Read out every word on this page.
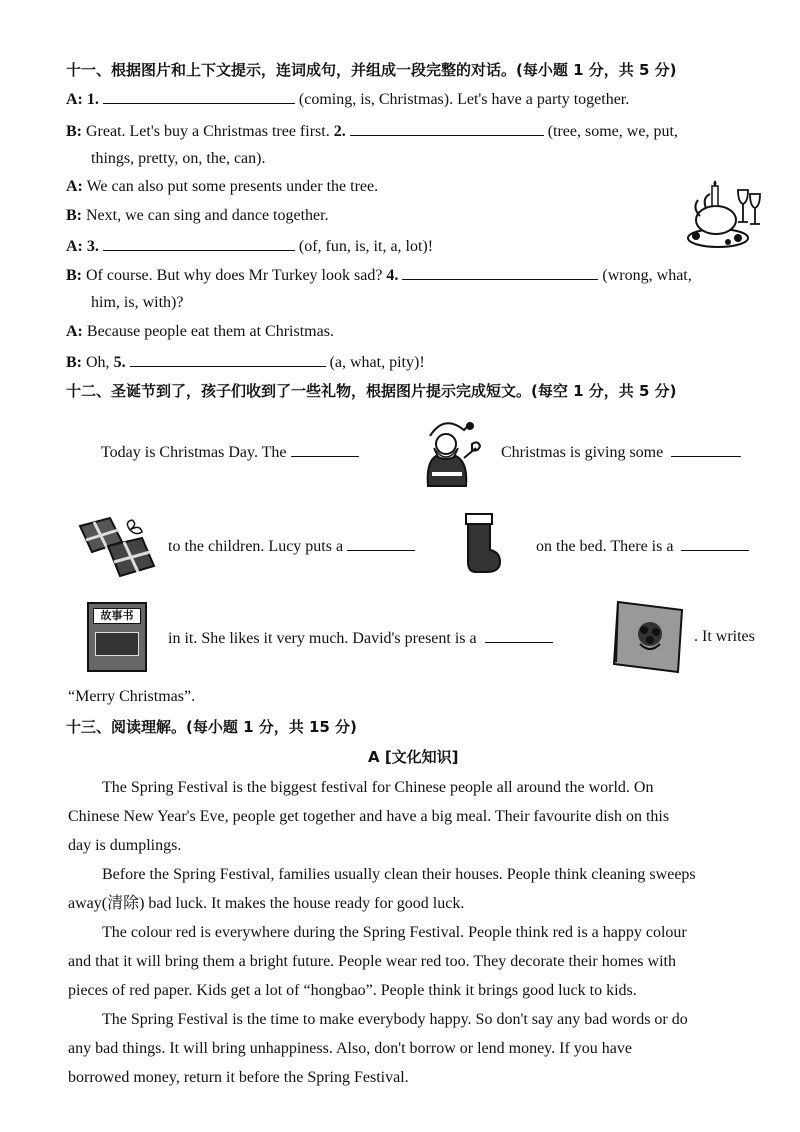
十一、根据图片和上下文提示，连词成句，并组成一段完整的对话。(每小题 1 分，共 5 分)
A: 1.	(coming, is, Christmas). Let's have a party together.
B: Great. Let's buy a Christmas tree first. 2.	(tree, some, we, put,
things, pretty, on, the, can).
A: We can also put some presents under the tree.
B: Next, we can sing and dance together.
A: 3.	(of, fun, is, it, a, lot)!
B: Of course. But why does Mr Turkey look sad? 4.	(wrong, what,
him, is, with)?
A: Because people eat them at Christmas.
B: Oh, 5.	(a, what, pity)!
十二、圣诞节到了，孩子们收到了一些礼物，根据图片提示完成短文。(每空 1 分，共 5 分)
Today is Christmas Day. The	Christmas is giving some
to the children. Lucy puts a	on the bed. There is a
故事书
in it. She likes it very much. David's present is a	. It writes
“Merry Christmas”.
十三、阅读理解。(每小题 1 分，共 15 分)
A [文化知识]
The Spring Festival is the biggest festival for Chinese people all around the world. On
Chinese New Year's Eve, people get together and have a big meal. Their favourite dish on this
day is dumplings.
Before the Spring Festival, families usually clean their houses. People think cleaning sweeps
away(清除) bad luck. It makes the house ready for good luck.
The colour red is everywhere during the Spring Festival. People think red is a happy colour
and that it will bring them a bright future. People wear red too. They decorate their homes with
pieces of red paper. Kids get a lot of “hongbao”. People think it brings good luck to kids.
The Spring Festival is the time to make everybody happy. So don't say any bad words or do
any bad things. It will bring unhappiness. Also, don't borrow or lend money. If you have
borrowed money, return it before the Spring Festival.
